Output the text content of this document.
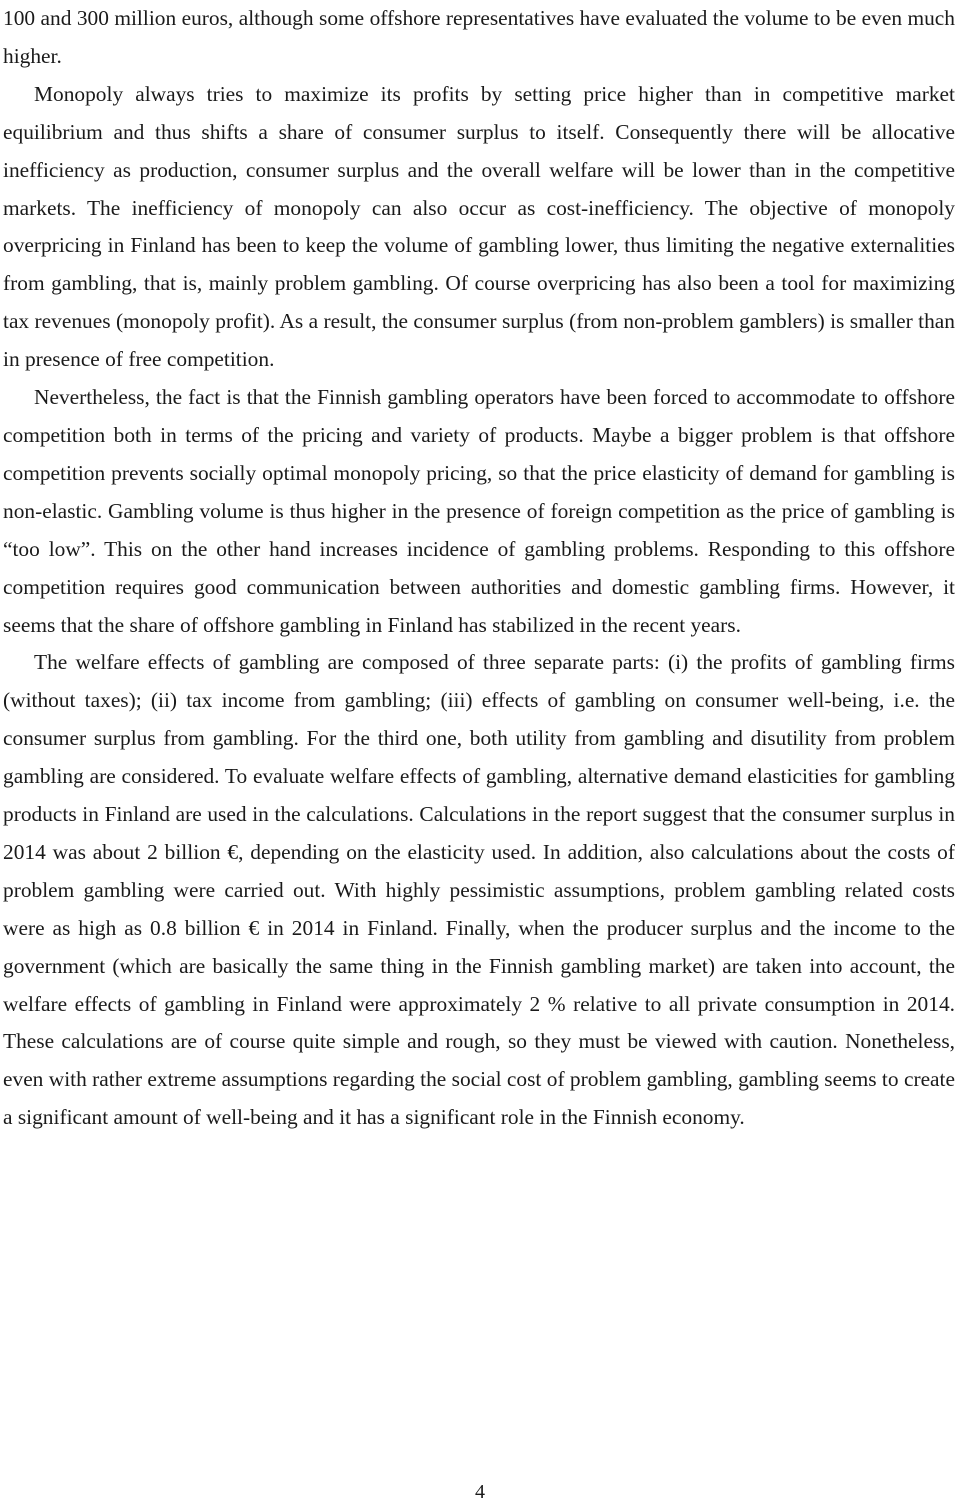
100 and 300 million euros, although some offshore representatives have evaluated the volume to be even much higher.

Monopoly always tries to maximize its profits by setting price higher than in competitive market equilibrium and thus shifts a share of consumer surplus to itself. Consequently there will be allocative inefficiency as production, consumer surplus and the overall welfare will be lower than in the competitive markets. The inefficiency of monopoly can also occur as cost-inefficiency. The objective of monopoly overpricing in Finland has been to keep the volume of gambling lower, thus limiting the negative externalities from gambling, that is, mainly problem gambling. Of course overpricing has also been a tool for maximizing tax revenues (monopoly profit). As a result, the consumer surplus (from non-problem gamblers) is smaller than in presence of free competition.

Nevertheless, the fact is that the Finnish gambling operators have been forced to accommodate to offshore competition both in terms of the pricing and variety of products. Maybe a bigger problem is that offshore competition prevents socially optimal monopoly pricing, so that the price elasticity of demand for gambling is non-elastic. Gambling volume is thus higher in the presence of foreign competition as the price of gambling is “too low”. This on the other hand increases incidence of gambling problems. Responding to this offshore competition requires good communication between authorities and domestic gambling firms. However, it seems that the share of offshore gambling in Finland has stabilized in the recent years.

The welfare effects of gambling are composed of three separate parts: (i) the profits of gambling firms (without taxes); (ii) tax income from gambling; (iii) effects of gambling on consumer well-being, i.e. the consumer surplus from gambling. For the third one, both utility from gambling and disutility from problem gambling are considered. To evaluate welfare effects of gambling, alternative demand elasticities for gambling products in Finland are used in the calculations. Calculations in the report suggest that the consumer surplus in 2014 was about 2 billion €, depending on the elasticity used. In addition, also calculations about the costs of problem gambling were carried out. With highly pessimistic assumptions, problem gambling related costs were as high as 0.8 billion € in 2014 in Finland. Finally, when the producer surplus and the income to the government (which are basically the same thing in the Finnish gambling market) are taken into account, the welfare effects of gambling in Finland were approximately 2 % relative to all private consumption in 2014. These calculations are of course quite simple and rough, so they must be viewed with caution. Nonetheless, even with rather extreme assumptions regarding the social cost of problem gambling, gambling seems to create a significant amount of well-being and it has a significant role in the Finnish economy.

4
